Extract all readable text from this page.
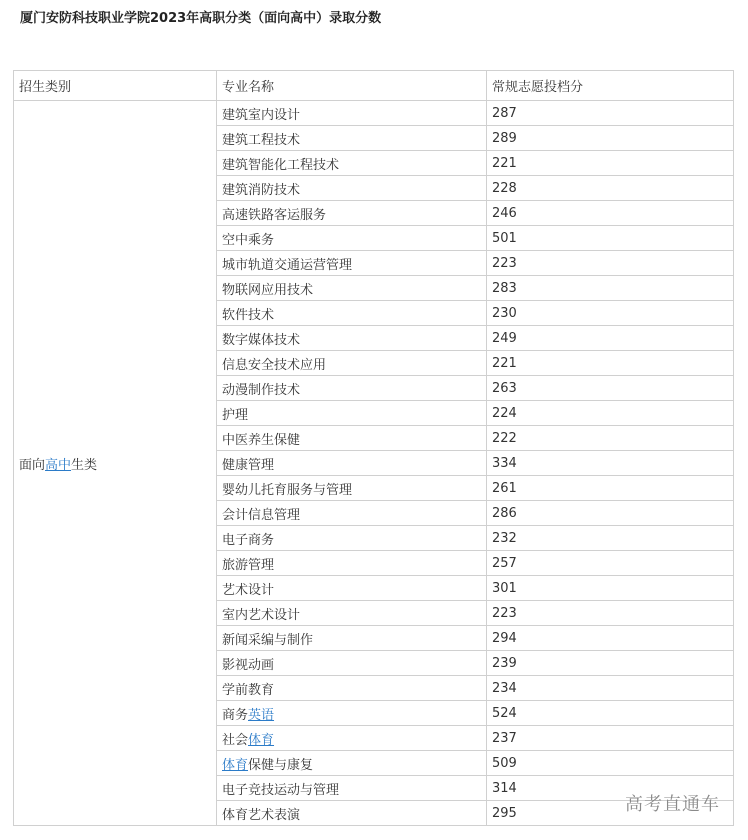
厦门安防科技职业学院2023年高职分类（面向高中）录取分数
招生类别	专业名称	常规志愿投档分
面向高中生类	建筑室内设计	287
	建筑工程技术	289
	建筑智能化工程技术	221
	建筑消防技术	228
	高速铁路客运服务	246
	空中乘务	501
	城市轨道交通运营管理	223
	物联网应用技术	283
	软件技术	230
	数字媒体技术	249
	信息安全技术应用	221
	动漫制作技术	263
	护理	224
	中医养生保健	222
	健康管理	334
	婴幼儿托育服务与管理	261
	会计信息管理	286
	电子商务	232
	旅游管理	257
	艺术设计	301
	室内艺术设计	223
	新闻采编与制作	294
	影视动画	239
	学前教育	234
	商务英语	524
	社会体育	237
	体育保健与康复	509
	电子竞技运动与管理	314
	体育艺术表演	295	高考直通车
